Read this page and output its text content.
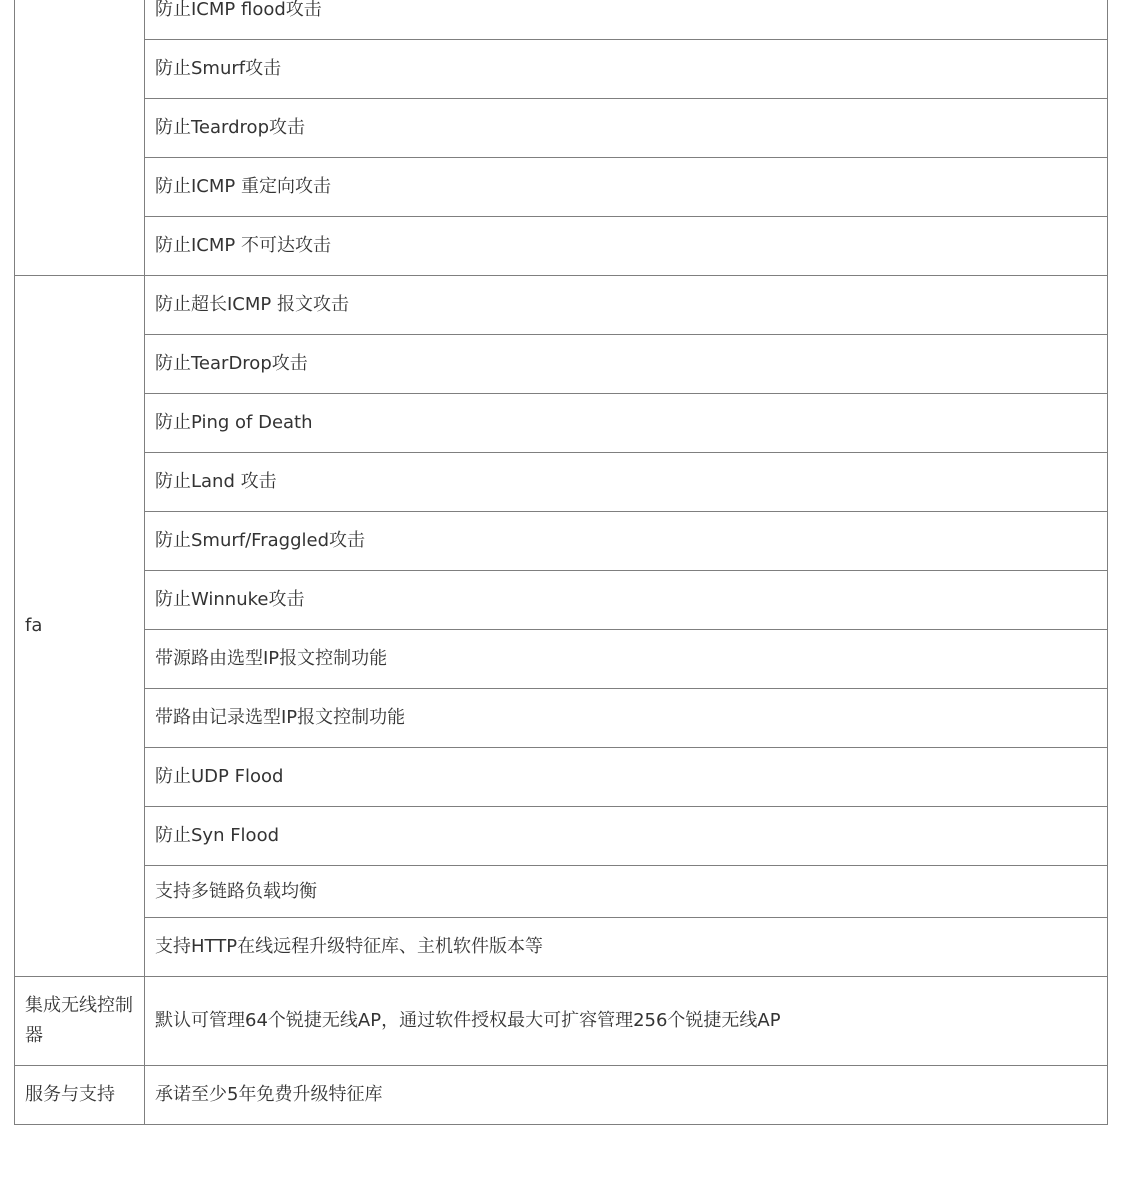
	防止ICMP flood攻击
	防止Smurf攻击
	防止Teardrop攻击
	防止ICMP 重定向攻击
	防止ICMP 不可达攻击
fa	防止超长ICMP 报文攻击
	防止TearDrop攻击
	防止Ping of Death
	防止Land 攻击
	防止Smurf/Fraggled攻击
	防止Winnuke攻击
	带源路由选型IP报文控制功能
	带路由记录选型IP报文控制功能
	防止UDP Flood
	防止Syn Flood
	支持多链路负载均衡
	支持HTTP在线远程升级特征库、主机软件版本等
集成无线控制器	默认可管理64个锐捷无线AP，通过软件授权最大可扩容管理256个锐捷无线AP
服务与支持	承诺至少5年免费升级特征库
